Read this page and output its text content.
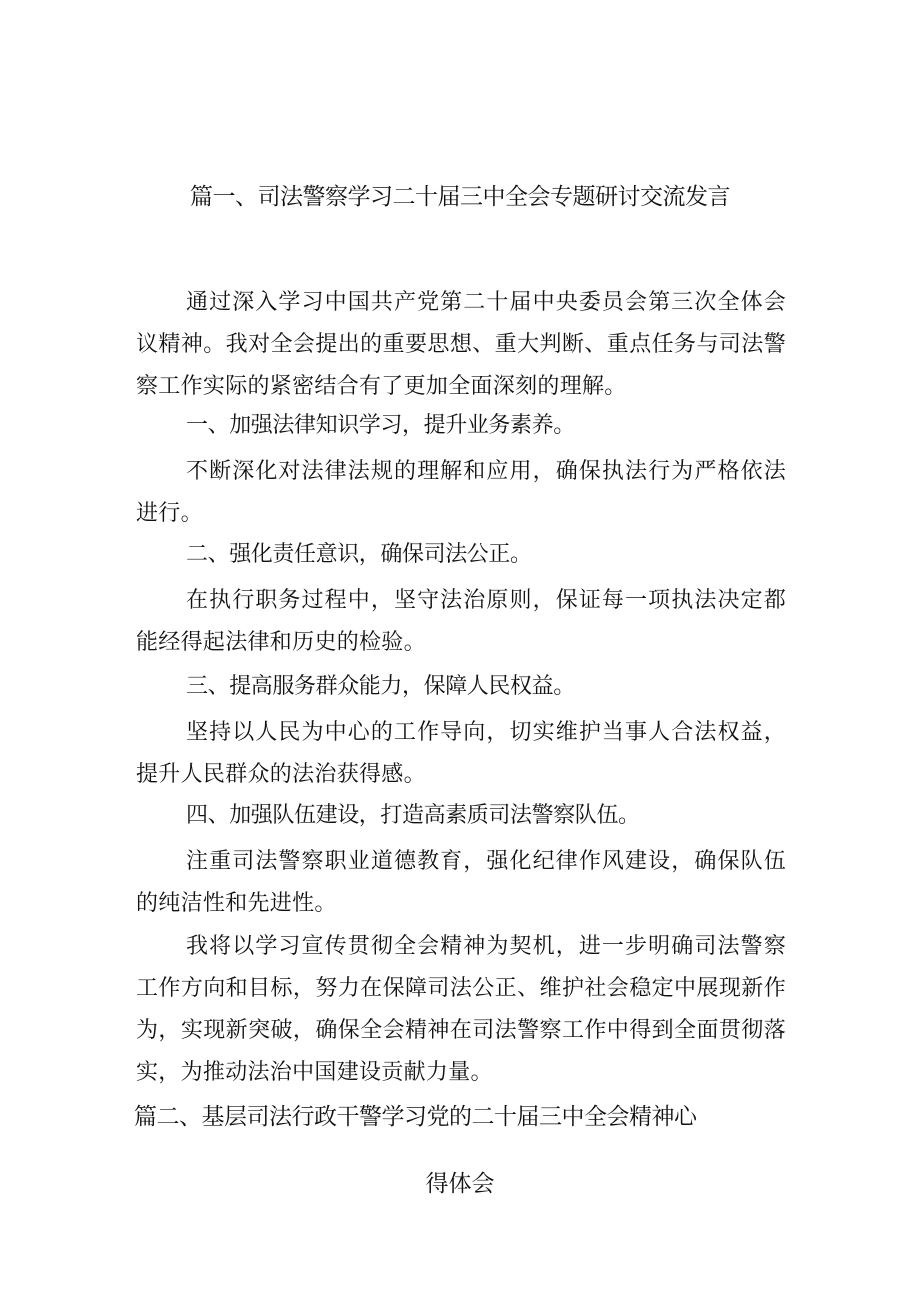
篇一、司法警察学习二十届三中全会专题研讨交流发言

通过深入学习中国共产党第二十届中央委员会第三次全体会议精神。我对全会提出的重要思想、重大判断、重点任务与司法警察工作实际的紧密结合有了更加全面深刻的理解。

一、加强法律知识学习，提升业务素养。

不断深化对法律法规的理解和应用，确保执法行为严格依法进行。

二、强化责任意识，确保司法公正。

在执行职务过程中，坚守法治原则，保证每一项执法决定都能经得起法律和历史的检验。

三、提高服务群众能力，保障人民权益。

坚持以人民为中心的工作导向，切实维护当事人合法权益，提升人民群众的法治获得感。

四、加强队伍建设，打造高素质司法警察队伍。

注重司法警察职业道德教育，强化纪律作风建设，确保队伍的纯洁性和先进性。

我将以学习宣传贯彻全会精神为契机，进一步明确司法警察工作方向和目标，努力在保障司法公正、维护社会稳定中展现新作为，实现新突破，确保全会精神在司法警察工作中得到全面贯彻落实，为推动法治中国建设贡献力量。

篇二、基层司法行政干警学习党的二十届三中全会精神心
得体会
